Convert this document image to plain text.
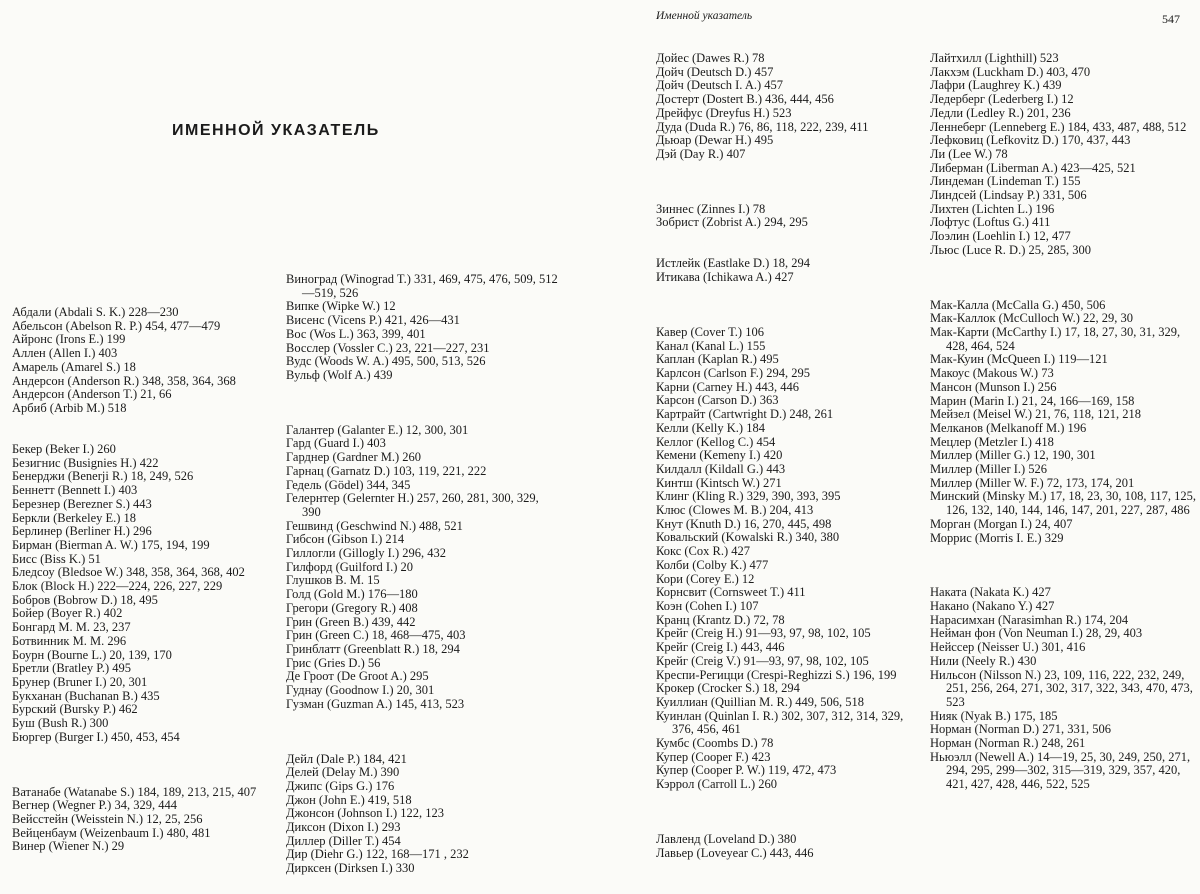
ИМЕННОЙ УКАЗАТЕЛЬ
Именной указатель	547
Абдали (Abdali S. K.) 228—230
Абельсон (Abelson R. P.) 454, 477—479
Айронс (Irons E.) 199
Аллен (Allen I.) 403
Амарель (Amarel S.) 18
Андерсон (Anderson R.) 348, 358, 364, 368
Андерсон (Anderson T.) 21, 66
Арбиб (Arbib M.) 518
Бекер (Beker I.) 260
Безигнис (Busignies H.) 422
Бенерджи (Benerji R.) 18, 249, 526
Беннетт (Bennett I.) 403
Березнер (Berezner S.) 443
Беркли (Berkeley E.) 18
Берлинер (Berliner H.) 296
Бирман (Bierman A. W.) 175, 194, 199
Бисс (Biss K.) 51
Бледсоу (Bledsoe W.) 348, 358, 364, 368, 402
Блок (Block H.) 222—224, 226, 227, 229
Бобров (Bobrow D.) 18, 495
Бойер (Boyer R.) 402
Бонгард М. М. 23, 237
Ботвинник М. М. 296
Боурн (Bourne L.) 20, 139, 170
Бретли (Bratley P.) 495
Брунер (Bruner I.) 20, 301
Букханан (Buchanan B.) 435
Бурский (Bursky P.) 462
Буш (Bush R.) 300
Бюргер (Burger I.) 450, 453, 454
Ватанабе (Watanabe S.) 184, 189, 213, 215, 407
Вегнер (Wegner P.) 34, 329, 444
Вейсстейн (Weisstein N.) 12, 25, 256
Вейценбаум (Weizenbaum I.) 480, 481
Винер (Wiener N.) 29
Виноград (Winograd T.) 331, 469, 475, 476, 509, 512—519, 526
Випке (Wipke W.) 12
Висенс (Vicens P.) 421, 426—431
Вос (Wos L.) 363, 399, 401
Восслер (Vossler C.) 23, 221—227, 231
Вудс (Woods W. A.) 495, 500, 513, 526
Вульф (Wolf A.) 439
Галантер (Galanter E.) 12, 300, 301
Гард (Guard I.) 403
Гарднер (Gardner M.) 260
Гарнац (Garnatz D.) 103, 119, 221, 222
Гедель (Gödel) 344, 345
Гелернтер (Gelernter H.) 257, 260, 281, 300, 329, 390
Гешвинд (Geschwind N.) 488, 521
Гибсон (Gibson I.) 214
Гиллогли (Gillogly I.) 296, 432
Гилфорд (Guilford I.) 20
Глушков В. М. 15
Голд (Gold M.) 176—180
Грегори (Gregory R.) 408
Грин (Green B.) 439, 442
Грин (Green C.) 18, 468—475, 403
Гринблатт (Greenblatt R.) 18, 294
Грис (Gries D.) 56
Де Гроот (De Groot A.) 295
Гуднау (Goodnow I.) 20, 301
Гузман (Guzman A.) 145, 413, 523
Дейл (Dale P.) 184, 421
Делей (Delay M.) 390
Джипс (Gips G.) 176
Джон (John E.) 419, 518
Джонсон (Johnson I.) 122, 123
Диксон (Dixon I.) 293
Диллер (Diller T.) 454
Дир (Diehr G.) 122, 168—171 , 232
Дирксен (Dirksen I.) 330
Дойес (Dawes R.) 78
Дойч (Deutsch D.) 457
Дойч (Deutsch I. A.) 457
Достерт (Dostert B.) 436, 444, 456
Дрейфус (Dreyfus H.) 523
Дуда (Duda R.) 76, 86, 118, 222, 239, 411
Дьюар (Dewar H.) 495
Дэй (Day R.) 407
Зиннес (Zinnes I.) 78
Зобрист (Zobrist A.) 294, 295
Истлейк (Eastlake D.) 18, 294
Итикава (Ichikawa A.) 427
Кавер (Cover T.) 106
Канал (Kanal L.) 155
Каплан (Kaplan R.) 495
Карлсон (Carlson F.) 294, 295
Карни (Carney H.) 443, 446
Карсон (Carson D.) 363
Картрайт (Cartwright D.) 248, 261
Келли (Kelly K.) 184
Келлог (Kellog C.) 454
Кемени (Kemeny I.) 420
Килдалл (Kildall G.) 443
Кинтш (Kintsch W.) 271
Клинг (Kling R.) 329, 390, 393, 395
Клюс (Clowes M. B.) 204, 413
Кнут (Knuth D.) 16, 270, 445, 498
Ковальский (Kowalski R.) 340, 380
Кокс (Cox R.) 427
Колби (Colby K.) 477
Кори (Corey E.) 12
Корнсвит (Cornsweet T.) 411
Коэн (Cohen I.) 107
Кранц (Krantz D.) 72, 78
Крейг (Creig H.) 91—93, 97, 98, 102, 105
Крейг (Creig I.) 443, 446
Крейг (Creig V.) 91—93, 97, 98, 102, 105
Креспи-Регицци (Crespi-Reghizzi S.) 196, 199
Крокер (Crocker S.) 18, 294
Куиллиан (Quillian M. R.) 449, 506, 518
Куинлан (Quinlan I. R.) 302, 307, 312, 314, 329, 376, 456, 461
Кумбс (Coombs D.) 78
Купер (Cooper F.) 423
Купер (Cooper P. W.) 119, 472, 473
Кэррол (Carroll L.) 260
Лавленд (Loveland D.) 380
Лавьер (Loveyear C.) 443, 446
Лайтхилл (Lighthill) 523
Лакхэм (Luckham D.) 403, 470
Лафри (Laughrey K.) 439
Ледерберг (Lederberg I.) 12
Ледли (Ledley R.) 201, 236
Леннеберг (Lenneberg E.) 184, 433, 487, 488, 512
Лефковиц (Lefkovitz D.) 170, 437, 443
Ли (Lee W.) 78
Либерман (Liberman A.) 423—425, 521
Линдеман (Lindeman T.) 155
Линдсей (Lindsay P.) 331, 506
Лихтен (Lichten L.) 196
Лофтус (Loftus G.) 411
Лоэлин (Loehlin I.) 12, 477
Льюс (Luce R. D.) 25, 285, 300
Мак-Калла (McCalla G.) 450, 506
Мак-Каллок (McCulloch W.) 22, 29, 30
Мак-Карти (McCarthy I.) 17, 18, 27, 30, 31, 329, 428, 464, 524
Мак-Куин (McQueen I.) 119—121
Макоус (Makous W.) 73
Мансон (Munson I.) 256
Марин (Marin I.) 21, 24, 166—169, 158
Мейзел (Meisel W.) 21, 76, 118, 121, 218
Мелканов (Melkanoff M.) 196
Мецлер (Metzler I.) 418
Миллер (Miller G.) 12, 190, 301
Миллер (Miller I.) 526
Миллер (Miller W. F.) 72, 173, 174, 201
Минский (Minsky M.) 17, 18, 23, 30, 108, 117, 125, 126, 132, 140, 144, 146, 147, 201, 227, 287, 486
Морган (Morgan I.) 24, 407
Моррис (Morris I. E.) 329
Наката (Nakata K.) 427
Накано (Nakano Y.) 427
Нарасимхан (Narasimhan R.) 174, 204
Нейман фон (Von Neuman I.) 28, 29, 403
Нейссер (Neisser U.) 301, 416
Нили (Neely R.) 430
Нильсон (Nilsson N.) 23, 109, 116, 222, 232, 249, 251, 256, 264, 271, 302, 317, 322, 343, 470, 473, 523
Нияк (Nyak B.) 175, 185
Норман (Norman D.) 271, 331, 506
Норман (Norman R.) 248, 261
Ньюэлл (Newell A.) 14—19, 25, 30, 249, 250, 271, 294, 295, 299—302, 315—319, 329, 357, 420, 421, 427, 428, 446, 522, 525
